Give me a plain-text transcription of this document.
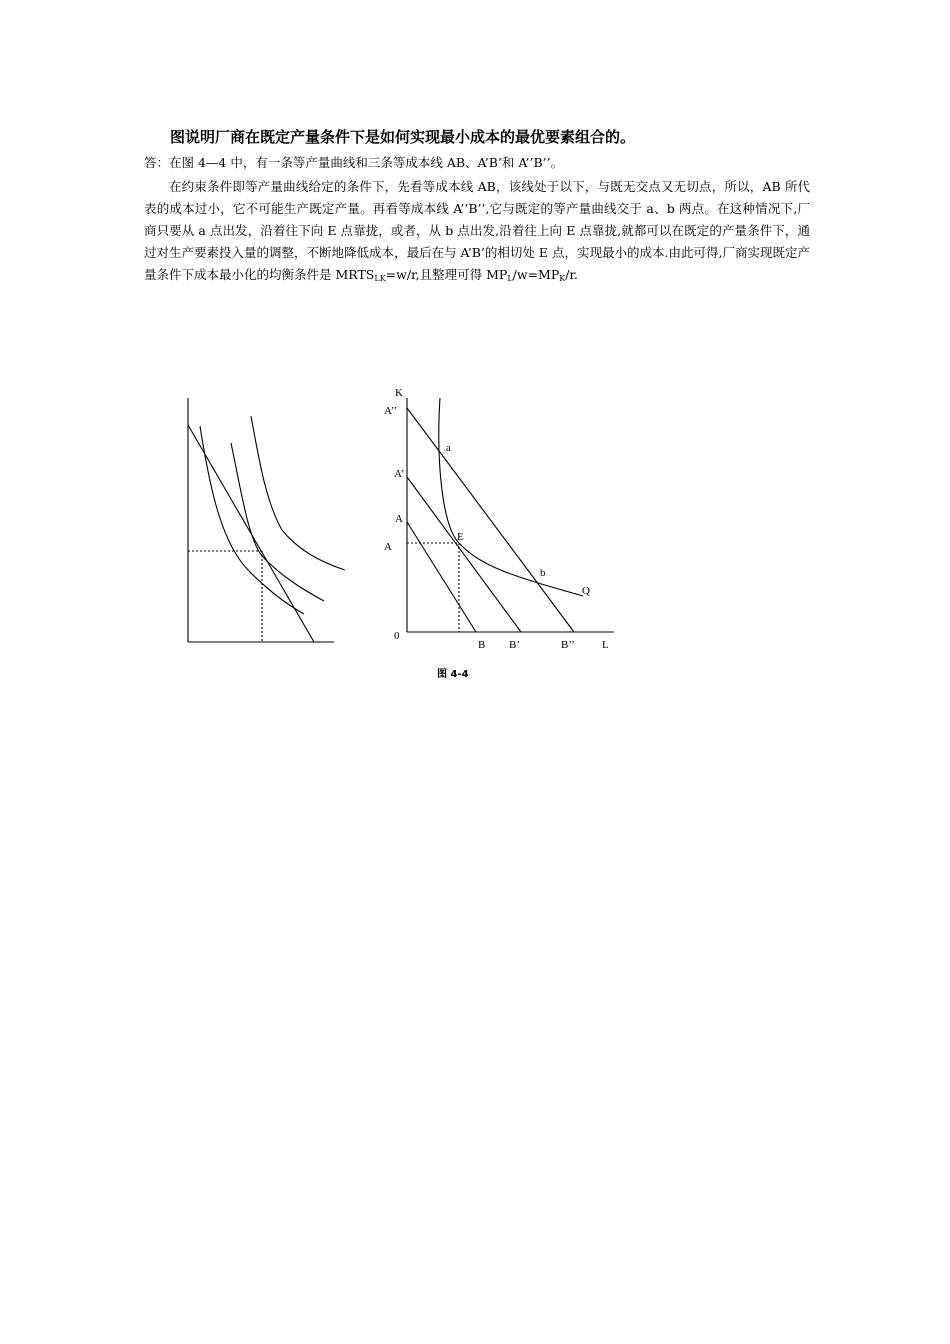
图说明厂商在既定产量条件下是如何实现最小成本的最优要素组合的。

答：在图 4—4 中，有一条等产量曲线和三条等成本线 AB、A’B’和 A’’B’’。

在约束条件即等产量曲线给定的条件下，先看等成本线 AB，该线处于以下，与既无交点又无切点，所以，AB 所代表的成本过小，它不可能生产既定产量。再看等成本线 A’’B’’,它与既定的等产量曲线交于 a、b 两点。在这种情况下,厂商只要从 a 点出发，沿着往下向 E 点靠拢，或者，从 b 点出发,沿着往上向 E 点靠拢,就都可以在既定的产量条件下，通过对生产要素投入量的调整，不断地降低成本，最后在与 A’B’的相切处 E 点，实现最小的成本.由此可得,厂商实现既定产量条件下成本最小化的均衡条件是 $MRTS_{LK}=w/r$,且整理可得 $MP_L/w=MP_K/r$.

K
A’’
a
A’
A
E
A
b
Q
0
B B’	B’’ L
图 4-4
